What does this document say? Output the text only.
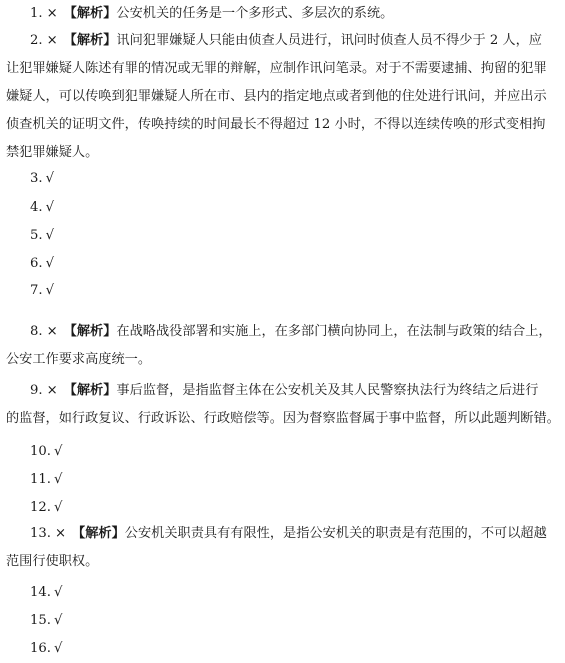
1. × 【解析】公安机关的任务是一个多形式、多层次的系统。
2. × 【解析】讯问犯罪嫌疑人只能由侦查人员进行，讯问时侦查人员不得少于 2 人，应
让犯罪嫌疑人陈述有罪的情况或无罪的辩解，应制作讯问笔录。对于不需要逮捕、拘留的犯罪
嫌疑人，可以传唤到犯罪嫌疑人所在市、县内的指定地点或者到他的住处进行讯问，并应出示
侦查机关的证明文件，传唤持续的时间最长不得超过 12 小时，不得以连续传唤的形式变相拘
禁犯罪嫌疑人。
3. √
4. √
5. √
6. √
7. √
8. × 【解析】在战略战役部署和实施上，在多部门横向协同上，在法制与政策的结合上，
公安工作要求高度统一。
9. × 【解析】事后监督，是指监督主体在公安机关及其人民警察执法行为终结之后进行
的监督，如行政复议、行政诉讼、行政赔偿等。因为督察监督属于事中监督，所以此题判断错。
10. √
11. √
12. √
13. × 【解析】公安机关职责具有有限性，是指公安机关的职责是有范围的，不可以超越
范围行使职权。
14. √
15. √
16. √
